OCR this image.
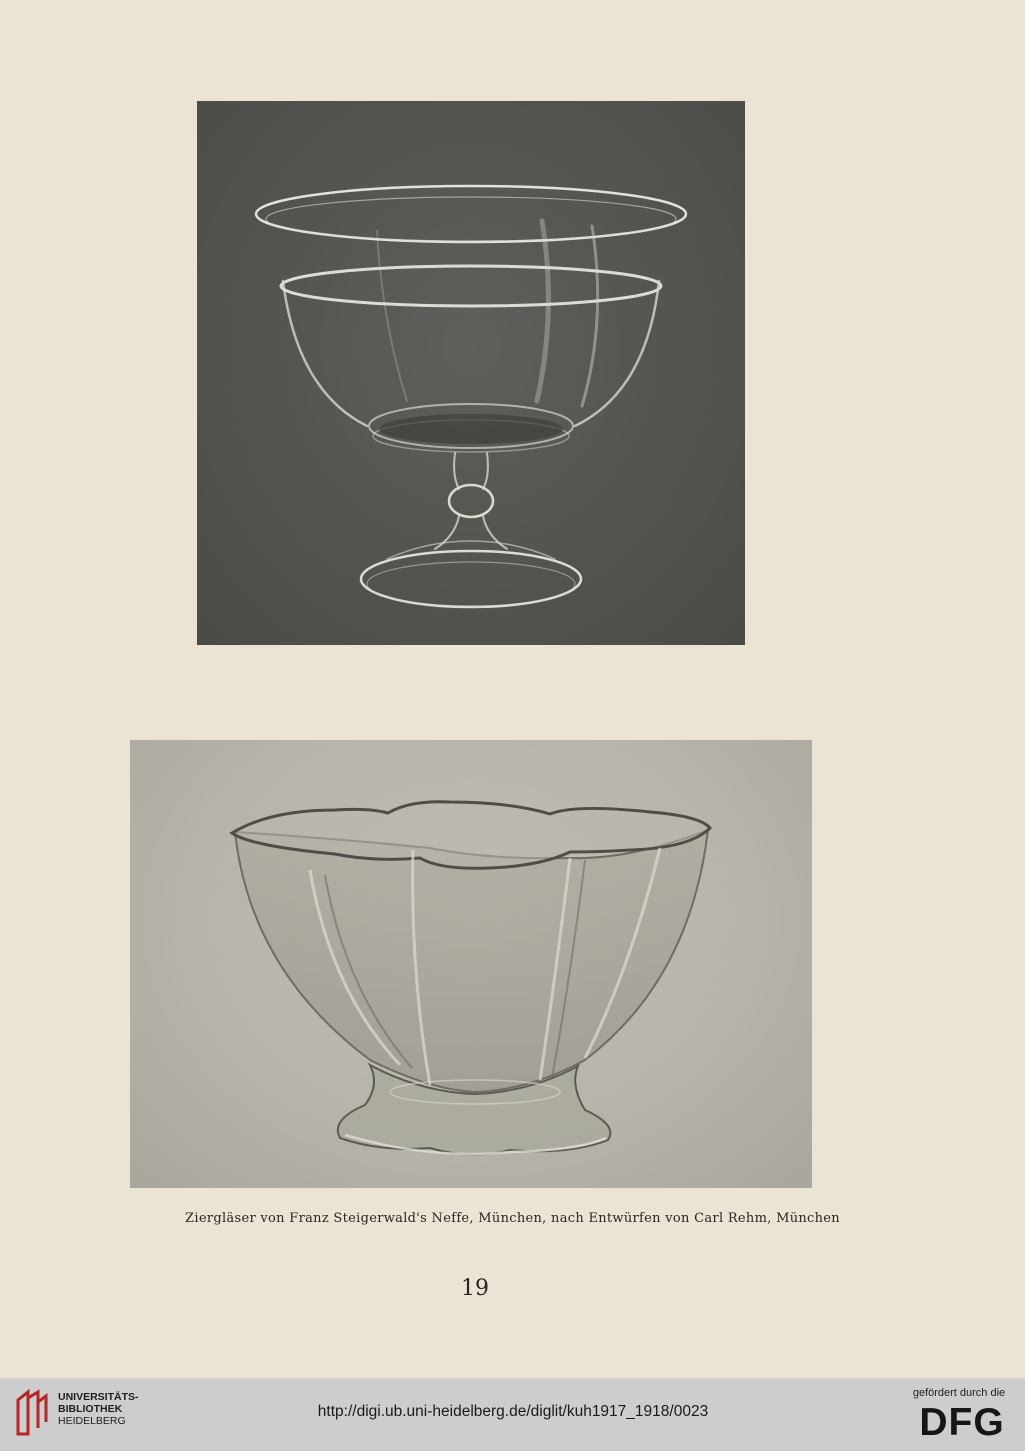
Ziergläser von Franz Steigerwald's Neffe, München, nach Entwürfen von Carl Rehm, München
19
UNIVERSITÄTS-
BIBLIOTHEK
HEIDELBERG
http://digi.ub.uni-heidelberg.de/diglit/kuh1917_1918/0023
gefördert durch die
DFG
